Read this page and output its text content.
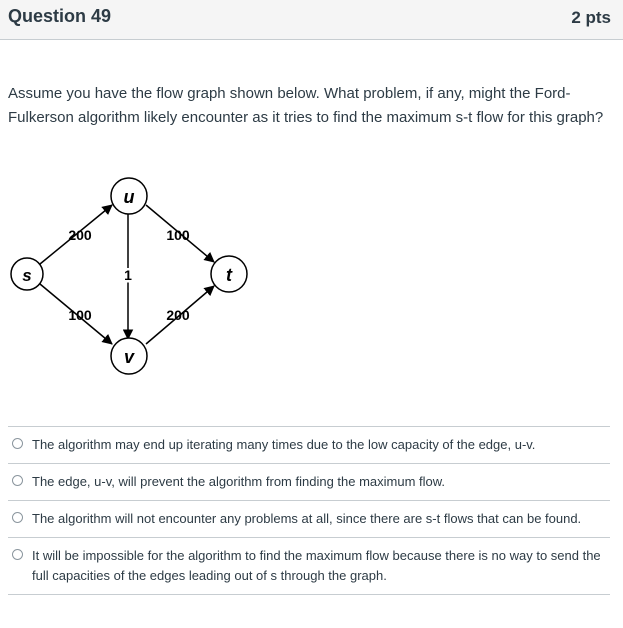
Question 49	2 pts
Assume you have the flow graph shown below. What problem, if any, might the Ford-Fulkerson algorithm likely encounter as it tries to find the maximum s-t flow for this graph?
200
100
1
100
200
s
u
v
t
The algorithm may end up iterating many times due to the low capacity of the edge, u-v.
The edge, u-v, will prevent the algorithm from finding the maximum flow.
The algorithm will not encounter any problems at all, since there are s-t flows that can be found.
It will be impossible for the algorithm to find the maximum flow because there is no way to send the full capacities of the edges leading out of s through the graph.
